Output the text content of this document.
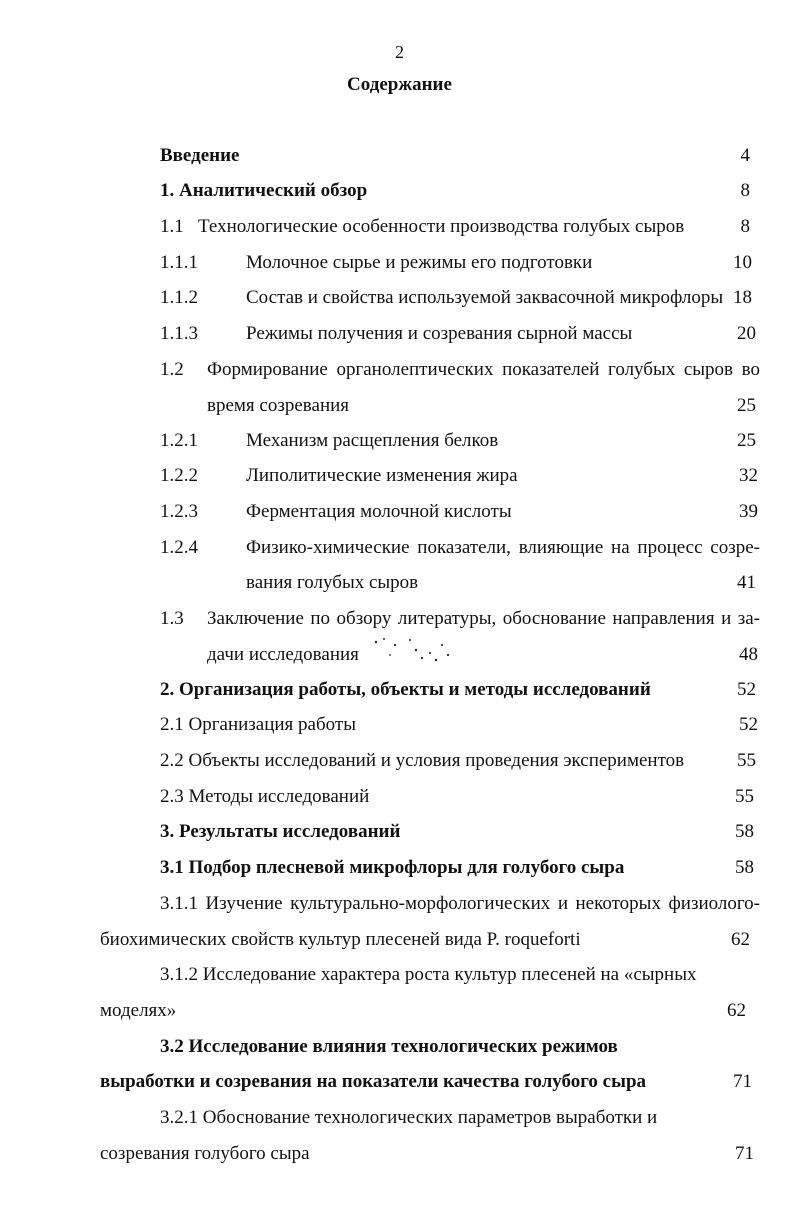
2
Содержание
Введение	4
1. Аналитический обзор	8
1.1 Технологические особенности производства голубых сыров	8
1.1.1	Молочное сырье и режимы его подготовки	10
1.1.2	Состав и свойства используемой заквасочной микрофлоры 18
1.1.3	Режимы получения и созревания сырной массы	20
1.2 Формирование органолептических показателей голубых сыров во
время созревания	25
1.2.1	Механизм расщепления белков	25
1.2.2	Липолитические изменения жира	32
1.2.3	Ферментация молочной кислоты	39
1.2.4	Физико-химические показатели, влияющие на процесс созре-
вания голубых сыров	41
1.3 Заключение по обзору литературы, обоснование направления и за-
дачи исследования	48
2. Организация работы, объекты и методы исследований	52
2.1 Организация работы	52
2.2 Объекты исследований и условия проведения экспериментов	55
2.3 Методы исследований	55
3. Результаты исследований	58
3.1 Подбор плесневой микрофлоры для голубого сыра	58
3.1.1 Изучение культурально-морфологических и некоторых физиолого-
биохимических свойств культур плесеней вида P. roqueforti	62
3.1.2 Исследование характера роста культур плесеней на «сырных
моделях»	62
3.2 Исследование влияния технологических режимов
выработки и созревания на показатели качества голубого сыра	71
3.2.1 Обоснование технологических параметров выработки и
созревания голубого сыра	71
